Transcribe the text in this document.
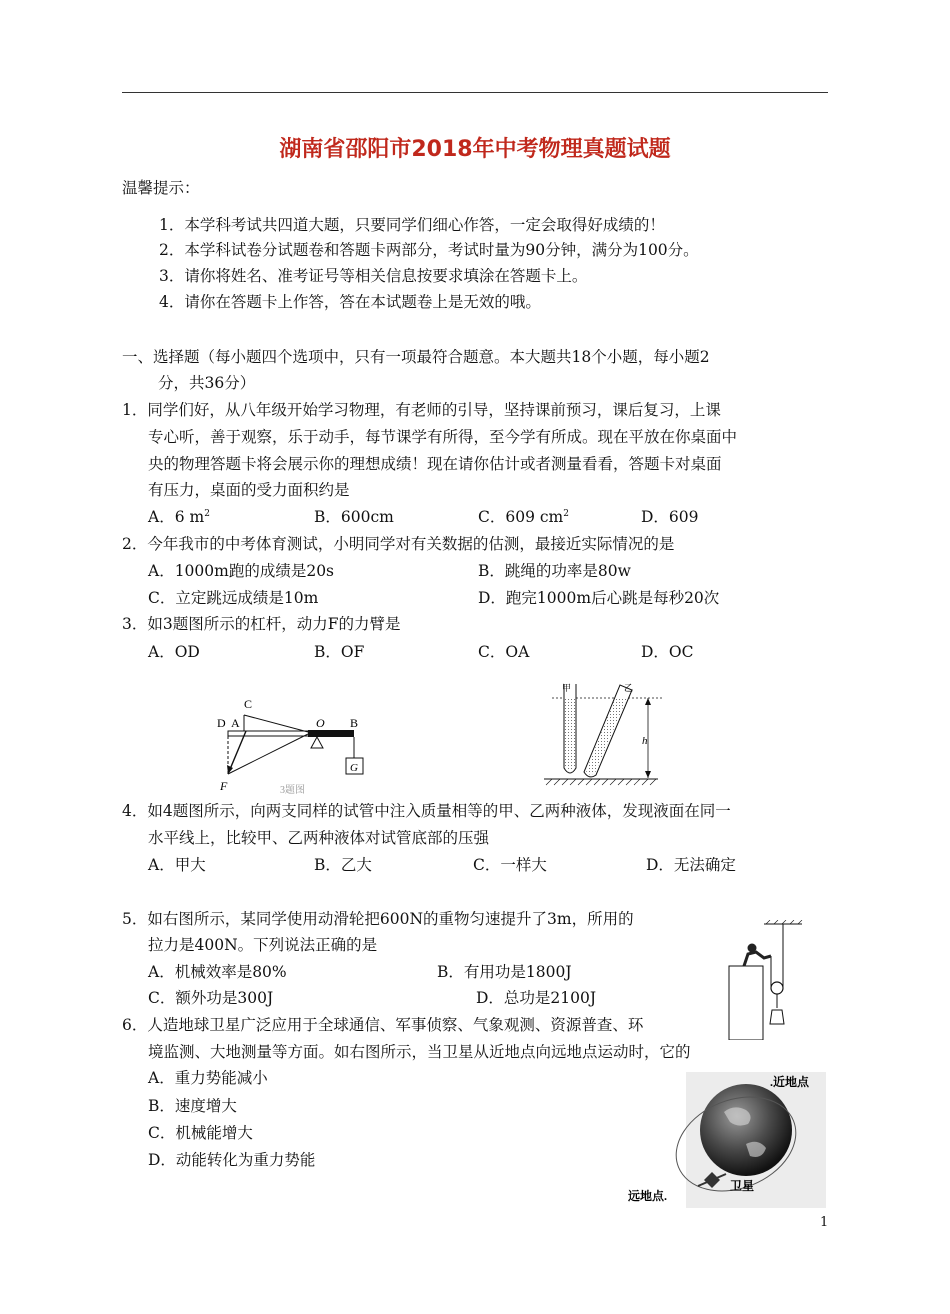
湖南省邵阳市2018年中考物理真题试题
温馨提示：
1．本学科考试共四道大题，只要同学们细心作答，一定会取得好成绩的！
2．本学科试卷分试题卷和答题卡两部分，考试时量为90分钟，满分为100分。
3．请你将姓名、准考证号等相关信息按要求填涂在答题卡上。
4．请你在答题卡上作答，答在本试题卷上是无效的哦。
一、选择题（每小题四个选项中，只有一项最符合题意。本大题共18个小题，每小题2
分，共36分）
1．同学们好，从八年级开始学习物理，有老师的引导，坚持课前预习，课后复习，上课
专心听，善于观察，乐于动手，每节课学有所得，至今学有所成。现在平放在你桌面中
央的物理答题卡将会展示你的理想成绩！现在请你估计或者测量看看，答题卡对桌面
有压力，桌面的受力面积约是
A．6 $m^2$	B．600cm	C．609 $cm^2$	D．609
2．今年我市的中考体育测试，小明同学对有关数据的估测，最接近实际情况的是
A．1000m跑的成绩是20s	B．跳绳的功率是80w
C．立定跳远成绩是10m	D．跑完1000m后心跳是每秒20次
3．如3题图所示的杠杆，动力F的力臂是
A．OD	B．OF	C．OA	D．OC
C
D A	O B
G
F	3题图
甲	乙
h
4．如4题图所示，向两支同样的试管中注入质量相等的甲、乙两种液体，发现液面在同一
水平线上，比较甲、乙两种液体对试管底部的压强
A．甲大	B．乙大	C．一样大	D．无法确定
5．如右图所示，某同学使用动滑轮把600N的重物匀速提升了3m，所用的
拉力是400N。下列说法正确的是
A．机械效率是80%	B．有用功是1800J
C．额外功是300J	D．总功是2100J
6．人造地球卫星广泛应用于全球通信、军事侦察、气象观测、资源普查、环
境监测、大地测量等方面。如右图所示，当卫星从近地点向远地点运动时，它的
A．重力势能减小
B．速度增大
C．机械能增大
D．动能转化为重力势能
.近地点
远地点.
卫星
1
